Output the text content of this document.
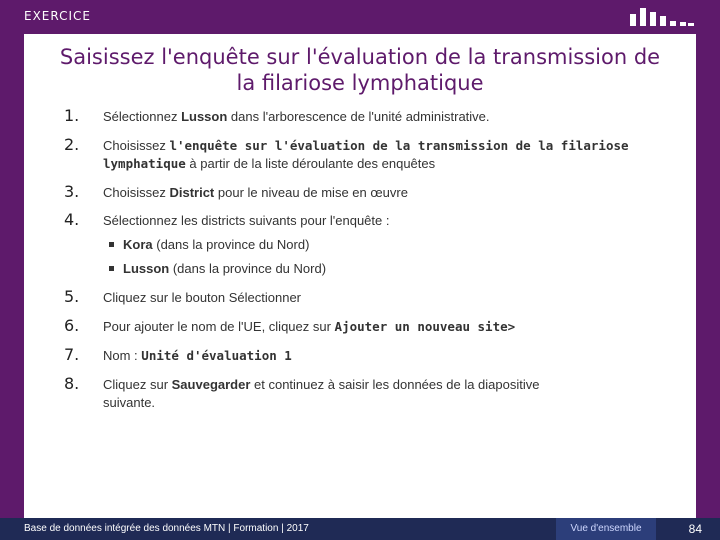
EXERCICE
Saisissez l'enquête sur l'évaluation de la transmission de
la filariose lymphatique
1. Sélectionnez Lusson dans l'arborescence de l'unité administrative.
2. Choisissez l'enquête sur l'évaluation de la transmission de la filariose
lymphatique à partir de la liste déroulante des enquêtes
3. Choisissez District pour le niveau de mise en œuvre
4. Sélectionnez les districts suivants pour l'enquête :
Kora (dans la province du Nord)
Lusson (dans la province du Nord)
5. Cliquez sur le bouton Sélectionner
6. Pour ajouter le nom de l'UE, cliquez sur Ajouter un nouveau site>
7. Nom : Unité d'évaluation 1
8. Cliquez sur Sauvegarder et continuez à saisir les données de la diapositive
suivante.
Base de données intégrée des données MTN | Formation | 2017	Vue d'ensemble	84
